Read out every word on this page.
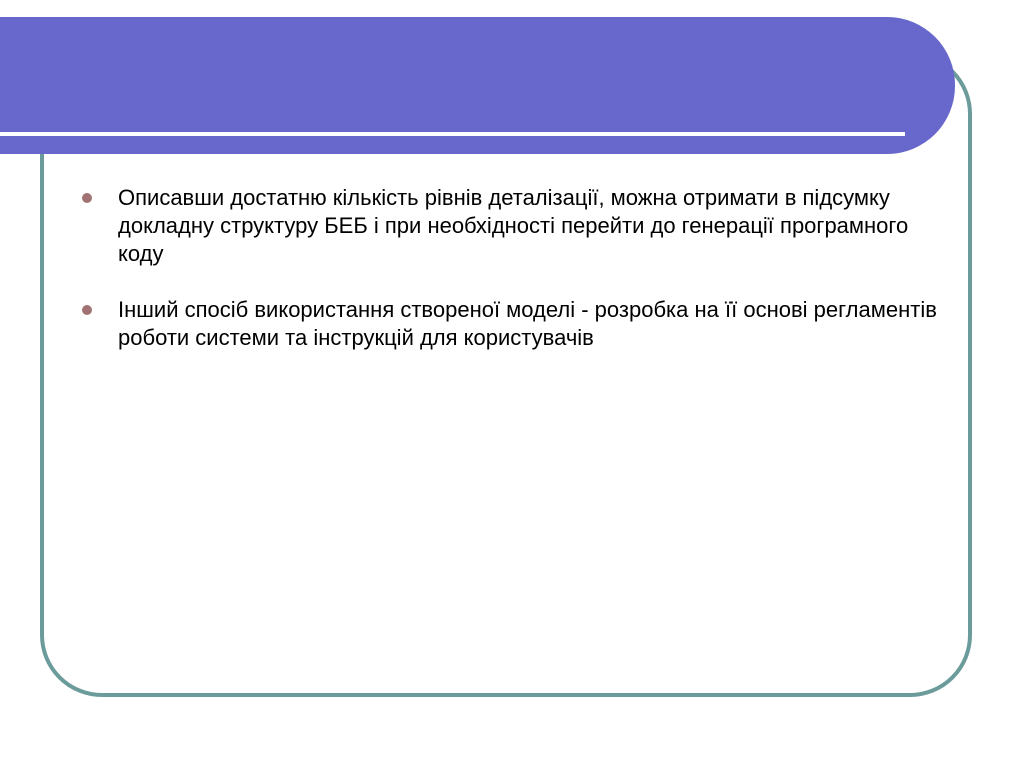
Описавши достатню кількість рівнів деталізації, можна отримати в підсумку докладну структуру БЕБ і при необхідності перейти до генерації програмного коду
Інший спосіб використання створеної моделі - розробка на її основі регламентів роботи системи та інструкцій для користувачів
